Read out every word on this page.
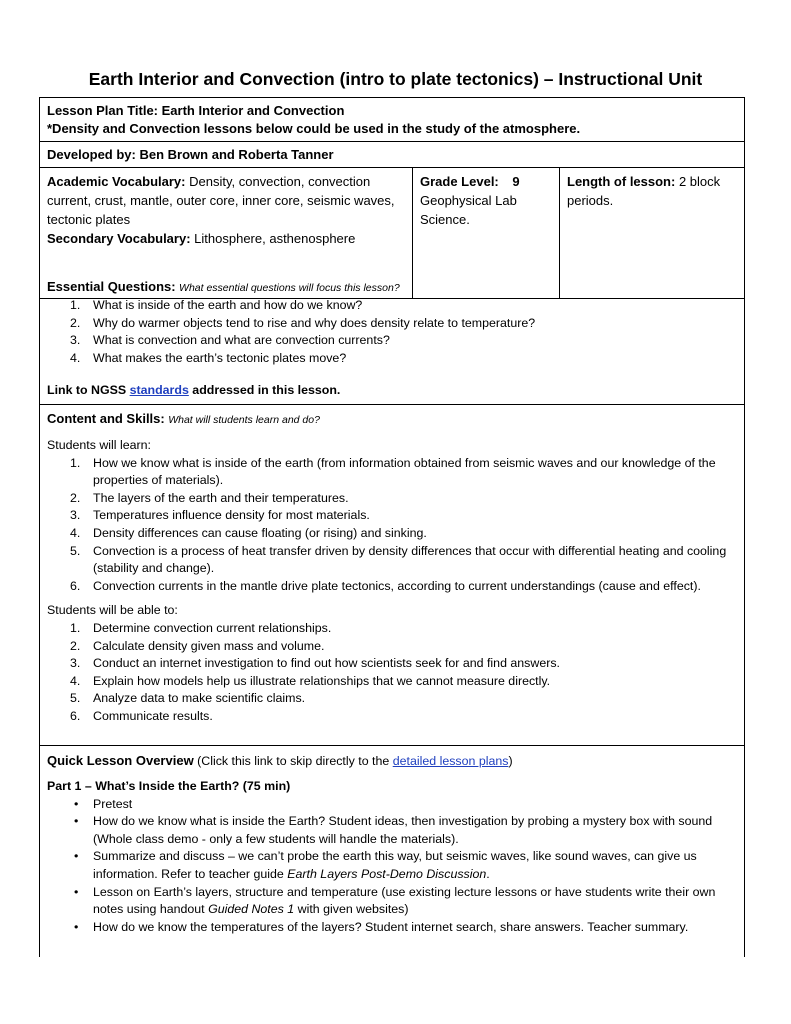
Earth Interior and Convection (intro to plate tectonics) – Instructional Unit
Lesson Plan Title: Earth Interior and Convection
*Density and Convection lessons below could be used in the study of the atmosphere.
Developed by: Ben Brown and Roberta Tanner
Academic Vocabulary: Density, convection, convection current, crust, mantle, outer core, inner core, seismic waves, tectonic plates
Secondary Vocabulary: Lithosphere, asthenosphere
Grade Level: 9
Geophysical Lab Science.
Length of lesson: 2 block periods.
Essential Questions: What essential questions will focus this lesson?
1. What is inside of the earth and how do we know?
2. Why do warmer objects tend to rise and why does density relate to temperature?
3. What is convection and what are convection currents?
4. What makes the earth’s tectonic plates move?
Link to NGSS standards addressed in this lesson.
Content and Skills: What will students learn and do?
Students will learn:
1. How we know what is inside of the earth (from information obtained from seismic waves and our knowledge of the properties of materials).
2. The layers of the earth and their temperatures.
3. Temperatures influence density for most materials.
4. Density differences can cause floating (or rising) and sinking.
5. Convection is a process of heat transfer driven by density differences that occur with differential heating and cooling (stability and change).
6. Convection currents in the mantle drive plate tectonics, according to current understandings (cause and effect).
Students will be able to:
1. Determine convection current relationships.
2. Calculate density given mass and volume.
3. Conduct an internet investigation to find out how scientists seek for and find answers.
4. Explain how models help us illustrate relationships that we cannot measure directly.
5. Analyze data to make scientific claims.
6. Communicate results.
Quick Lesson Overview (Click this link to skip directly to the detailed lesson plans)
Part 1 – What’s Inside the Earth? (75 min)
• Pretest
• How do we know what is inside the Earth? Student ideas, then investigation by probing a mystery box with sound (Whole class demo - only a few students will handle the materials).
• Summarize and discuss – we can’t probe the earth this way, but seismic waves, like sound waves, can give us information. Refer to teacher guide Earth Layers Post-Demo Discussion.
• Lesson on Earth’s layers, structure and temperature (use existing lecture lessons or have students write their own notes using handout Guided Notes 1 with given websites)
• How do we know the temperatures of the layers? Student internet search, share answers. Teacher summary.
